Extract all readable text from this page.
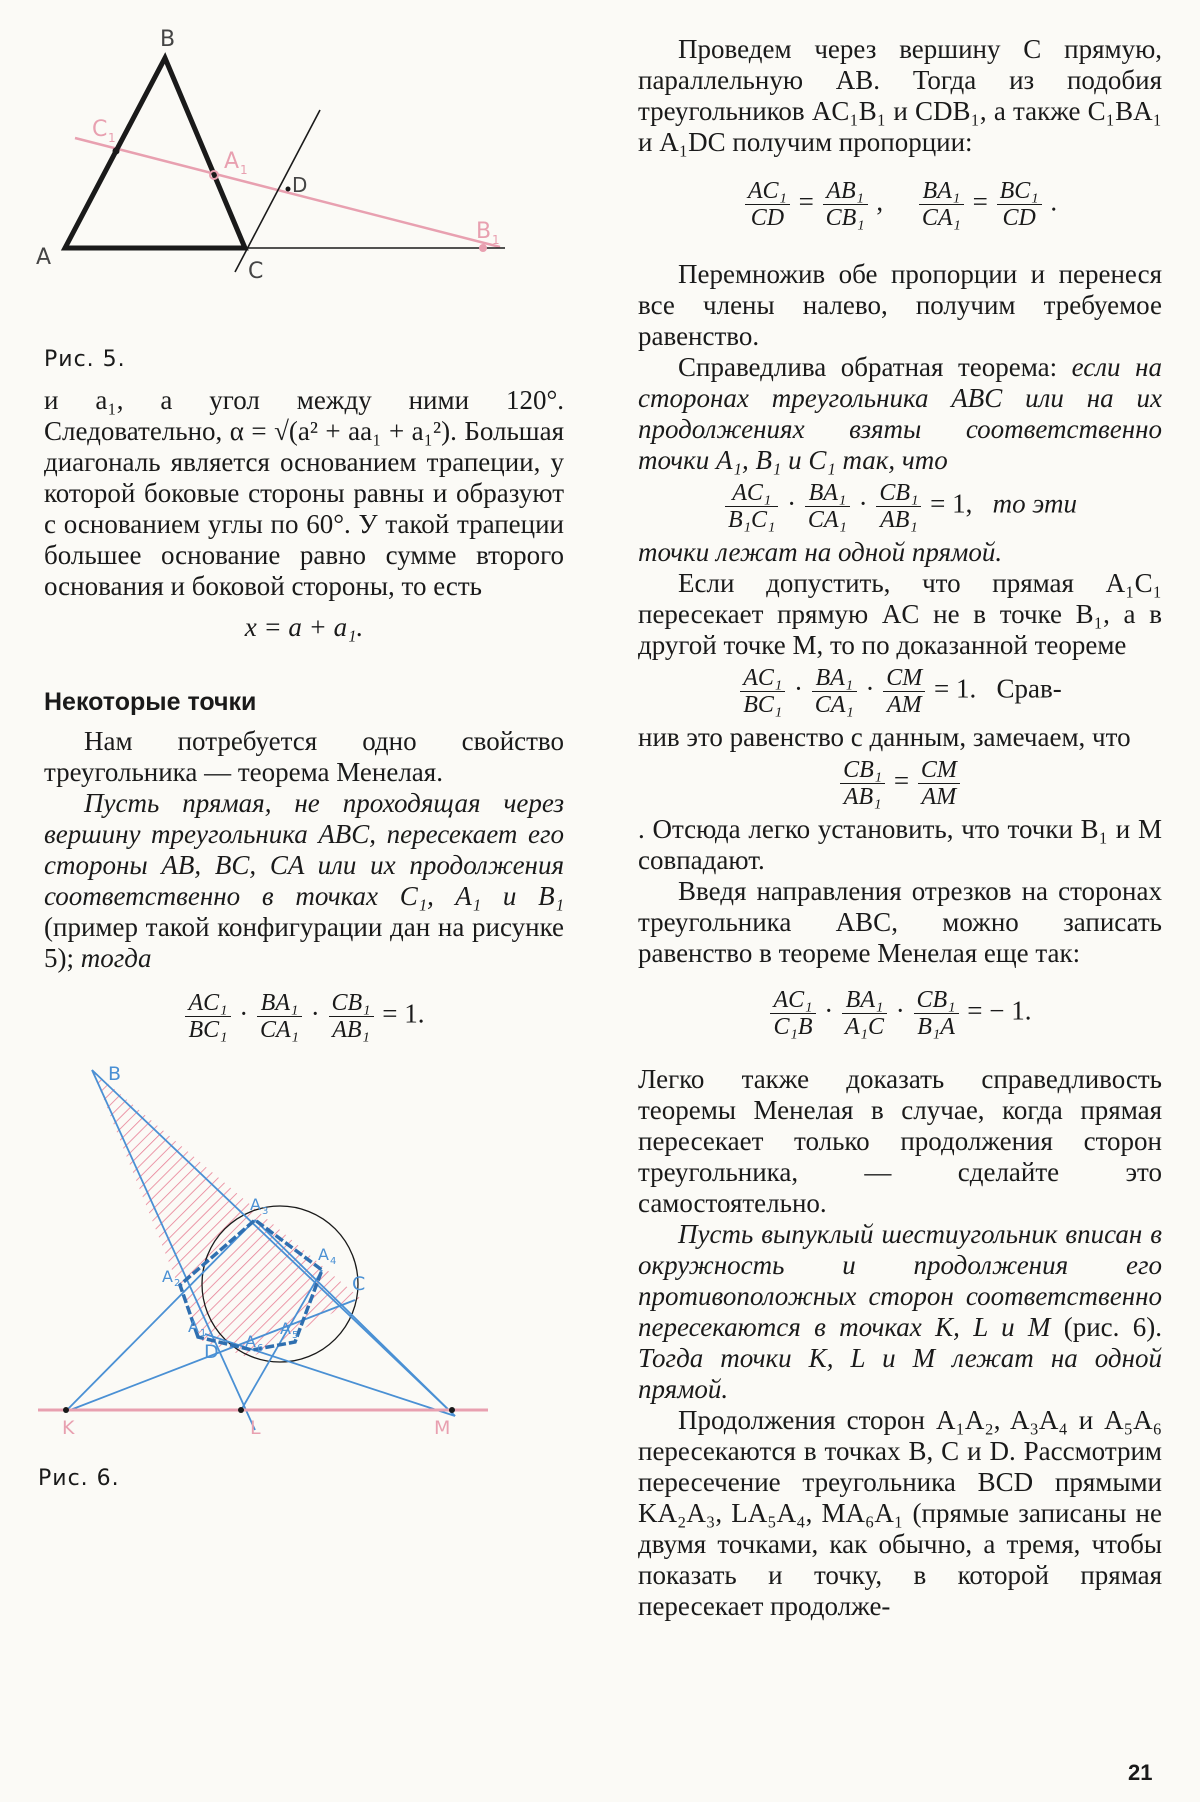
A
B
C
D
C 1
A 1
B 1
Рис. 5.

и a₁, а угол между ними 120°. Следовательно, α = √(a² + aa₁ + a₁²). Большая диагональ является основанием трапеции, у которой боковые стороны равны и образуют с основанием углы по 60°. У такой трапеции большее основание равно сумме второго основания и боковой стороны, то есть

x = a + a₁.

Некоторые точки

Нам потребуется одно свойство треугольника — теорема Менелая.

Пусть прямая, не проходящая через вершину треугольника ABC, пересекает его стороны AB, BC, CA или их продолжения соответственно в точках C₁, A₁ и B₁ (пример такой конфигурации дан на рисунке 5); тогда

$\frac{\text{AC₁}}{\text{BC₁}} \cdot \frac{\text{BA₁}}{\text{CA₁}} \cdot \frac{\text{CB₁}}{\text{AB₁}} = 1$.

B
C
D
A 1
A 2
A 3
A 4
A 5
A 6
K	L	M
Рис. 6.

Проведем через вершину C прямую, параллельную AB. Тогда из подобия треугольников AC₁B₁ и CDB₁, а также C₁BA₁ и A₁DC получим пропорции:

$\frac{\text{AC₁}}{CD} = \frac{\text{AB₁}}{\text{CB₁}}$ , $\frac{\text{BA₁}}{\text{CA₁}} = \frac{\text{BC₁}}{CD}$ .

Перемножив обе пропорции и перенеся все члены налево, получим требуемое равенство.

Справедлива обратная теорема: если на сторонах треугольника ABC или на их продолжениях взяты соответственно точки A₁, B₁ и C₁ так, что

$\frac{\text{AC₁}}{\text{B₁C₁}} \cdot \frac{\text{BA₁}}{\text{CA₁}} \cdot \frac{\text{CB₁}}{\text{AB₁}} = 1$, то эти

точки лежат на одной прямой.

Если допустить, что прямая A₁C₁ пересекает прямую AC не в точке B₁, а в другой точке M, то по доказанной теореме

$\frac{\text{AC₁}}{\text{BC₁}} \cdot \frac{\text{BA₁}}{\text{CA₁}} \cdot \frac{CM}{AM} = 1$. Срав-

нив это равенство с данным, замечаем, что

$\frac{\text{CB₁}}{\text{AB₁}} = \frac{CM}{AM}$

. Отсюда легко установить, что точки B₁ и M совпадают.

Введя направления отрезков на сторонах треугольника ABC, можно записать равенство в теореме Менелая еще так:

$\frac{\text{AC₁}}{\text{C₁B}} \cdot \frac{\text{BA₁}}{\text{A₁C}} \cdot \frac{\text{CB₁}}{\text{B₁A}}$ = − 1.

Легко также доказать справедливость теоремы Менелая в случае, когда прямая пересекает только продолжения сторон треугольника, — сделайте это самостоятельно.

Пусть выпуклый шестиугольник вписан в окружность и продолжения его противоположных сторон соответственно пересекаются в точках K, L и M (рис. 6). Тогда точки K, L и M лежат на одной прямой.

Продолжения сторон A₁A₂, A₃A₄ и A₅A₆ пересекаются в точках B, C и D. Рассмотрим пересечение треугольника BCD прямыми KA₂A₃, LA₅A₄, MA₆A₁ (прямые записаны не двумя точками, как обычно, а тремя, чтобы показать и точку, в которой прямая пересекает продолже-

21
